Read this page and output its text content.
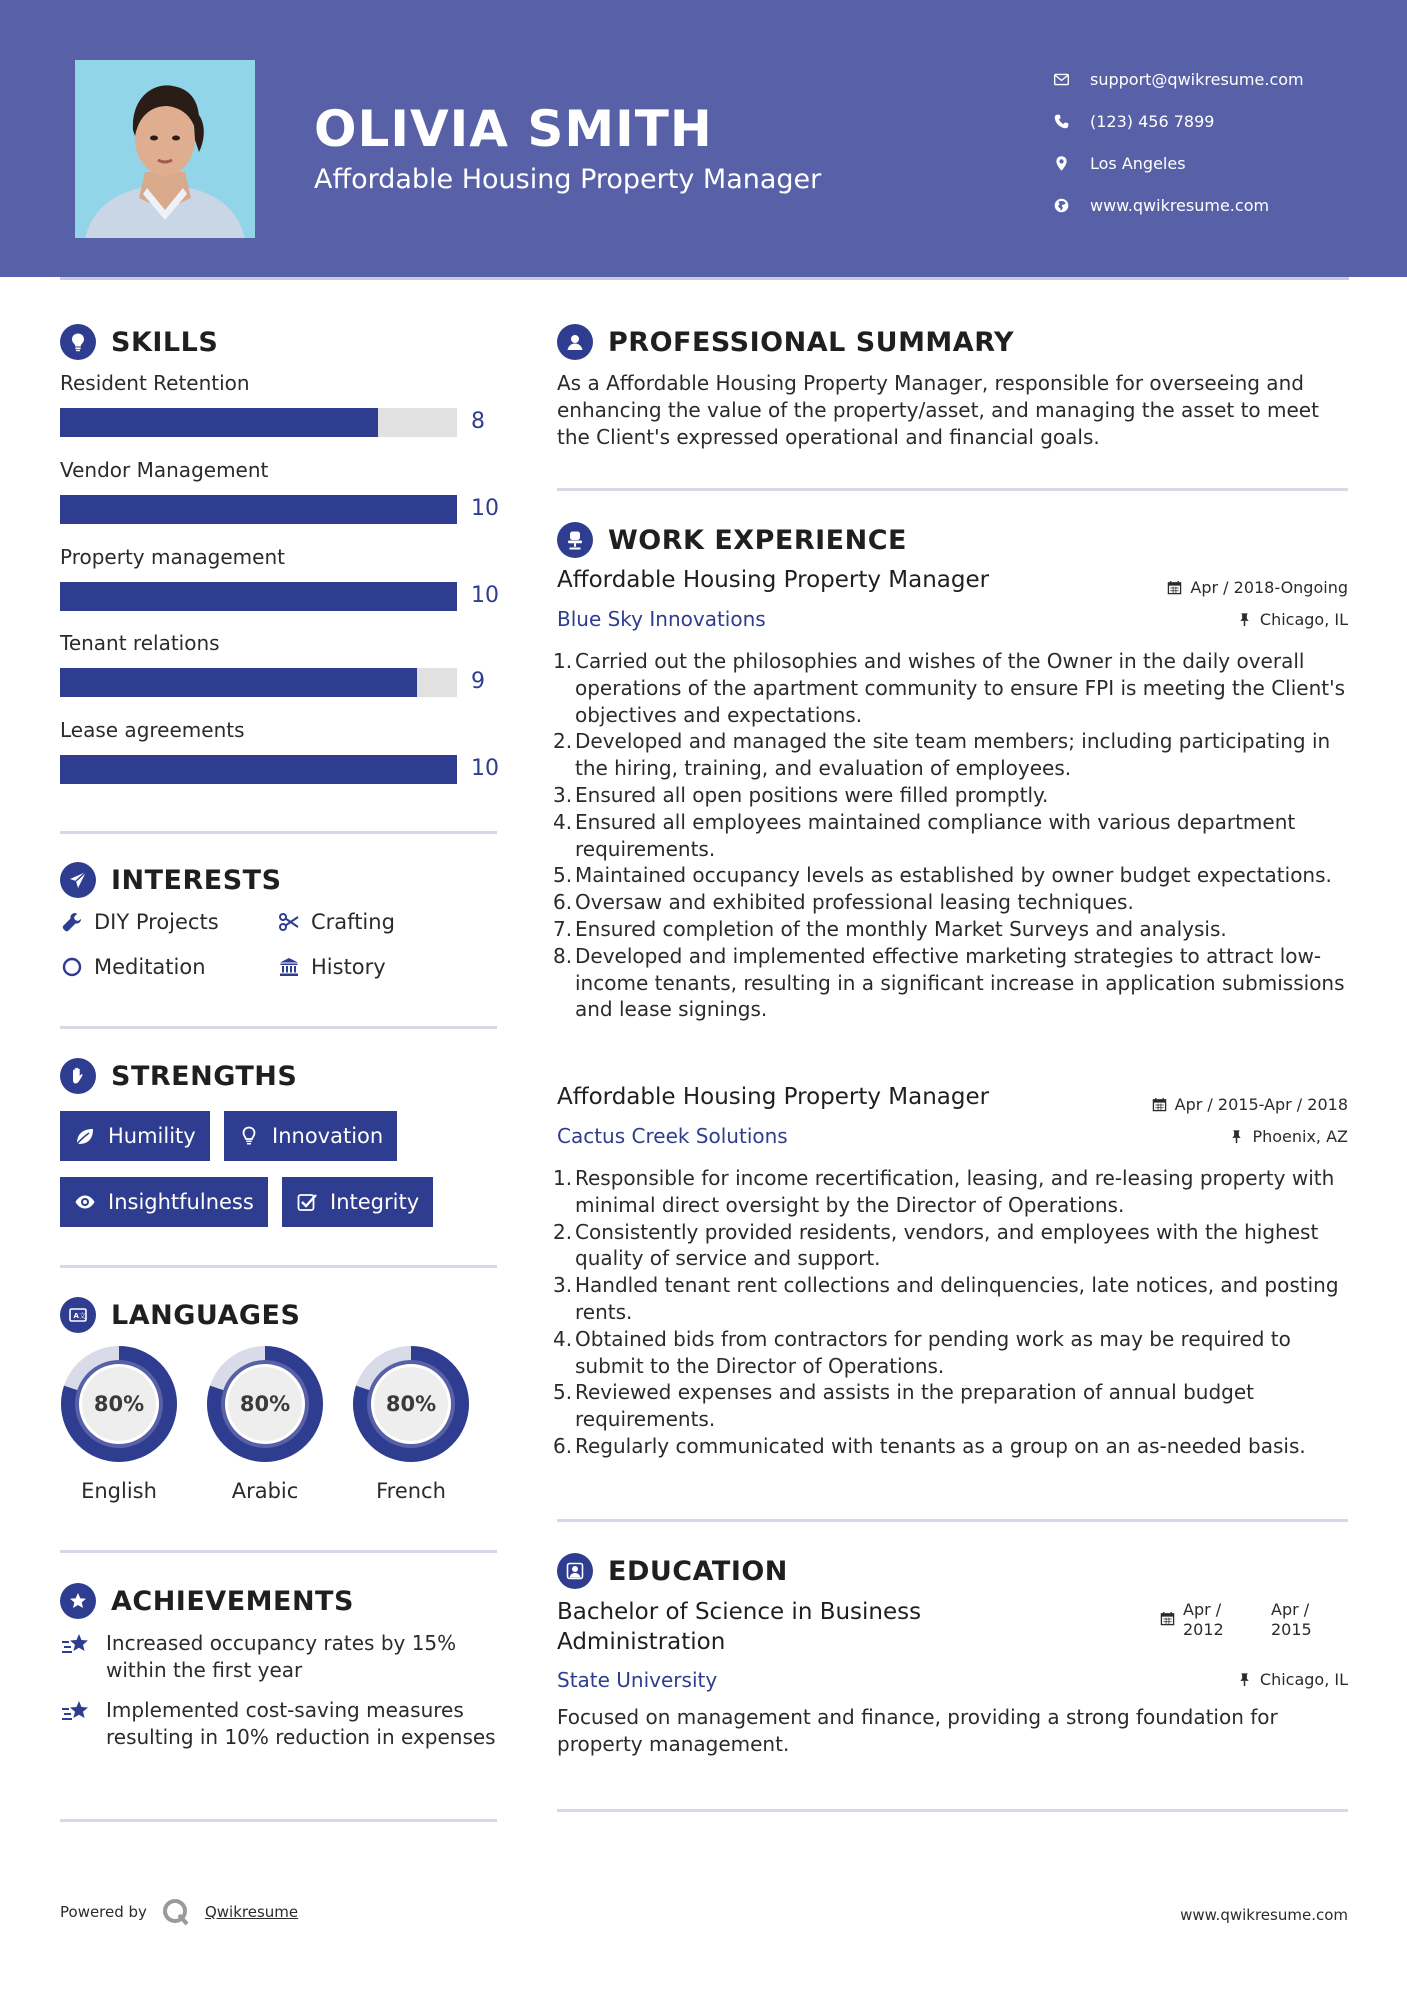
OLIVIA SMITH
Affordable Housing Property Manager
support@qwikresume.com
(123) 456 7899
Los Angeles
www.qwikresume.com
SKILLS
Resident Retention
8
Vendor Management
10
Property management
10
Tenant relations
9
Lease agreements
10
INTERESTS
DIY Projects	Crafting
Meditation	History
STRENGTHS
Humility	Innovation
Insightfulness	Integrity
A 文 LANGUAGES
80%
English
80%
Arabic
80%
French
ACHIEVEMENTS
Increased occupancy rates by 15% within the first year
Implemented cost-saving measures resulting in 10% reduction in expenses
PROFESSIONAL SUMMARY
As a Affordable Housing Property Manager, responsible for overseeing and enhancing the value of the property/asset, and managing the asset to meet the Client's expressed operational and financial goals.
WORK EXPERIENCE
Affordable Housing Property Manager	Apr / 2018-Ongoing
Blue Sky Innovations	Chicago, IL
1. Carried out the philosophies and wishes of the Owner in the daily overall operations of the apartment community to ensure FPI is meeting the Client's objectives and expectations.
2. Developed and managed the site team members; including participating in the hiring, training, and evaluation of employees.
3. Ensured all open positions were filled promptly.
4. Ensured all employees maintained compliance with various department requirements.
5. Maintained occupancy levels as established by owner budget expectations.
6. Oversaw and exhibited professional leasing techniques.
7. Ensured completion of the monthly Market Surveys and analysis.
8. Developed and implemented effective marketing strategies to attract low-income tenants, resulting in a significant increase in application submissions and lease signings.
Affordable Housing Property Manager	Apr / 2015-Apr / 2018
Cactus Creek Solutions	Phoenix, AZ
1. Responsible for income recertification, leasing, and re-leasing property with minimal direct oversight by the Director of Operations.
2. Consistently provided residents, vendors, and employees with the highest quality of service and support.
3. Handled tenant rent collections and delinquencies, late notices, and posting rents.
4. Obtained bids from contractors for pending work as may be required to submit to the Director of Operations.
5. Reviewed expenses and assists in the preparation of annual budget requirements.
6. Regularly communicated with tenants as a group on an as-needed basis.
EDUCATION
Bachelor of Science in Business Administration
Apr / 2012
Apr / 2015
State University	Chicago, IL
Focused on management and finance, providing a strong foundation for property management.
Powered by	Qwikresume	www.qwikresume.com
